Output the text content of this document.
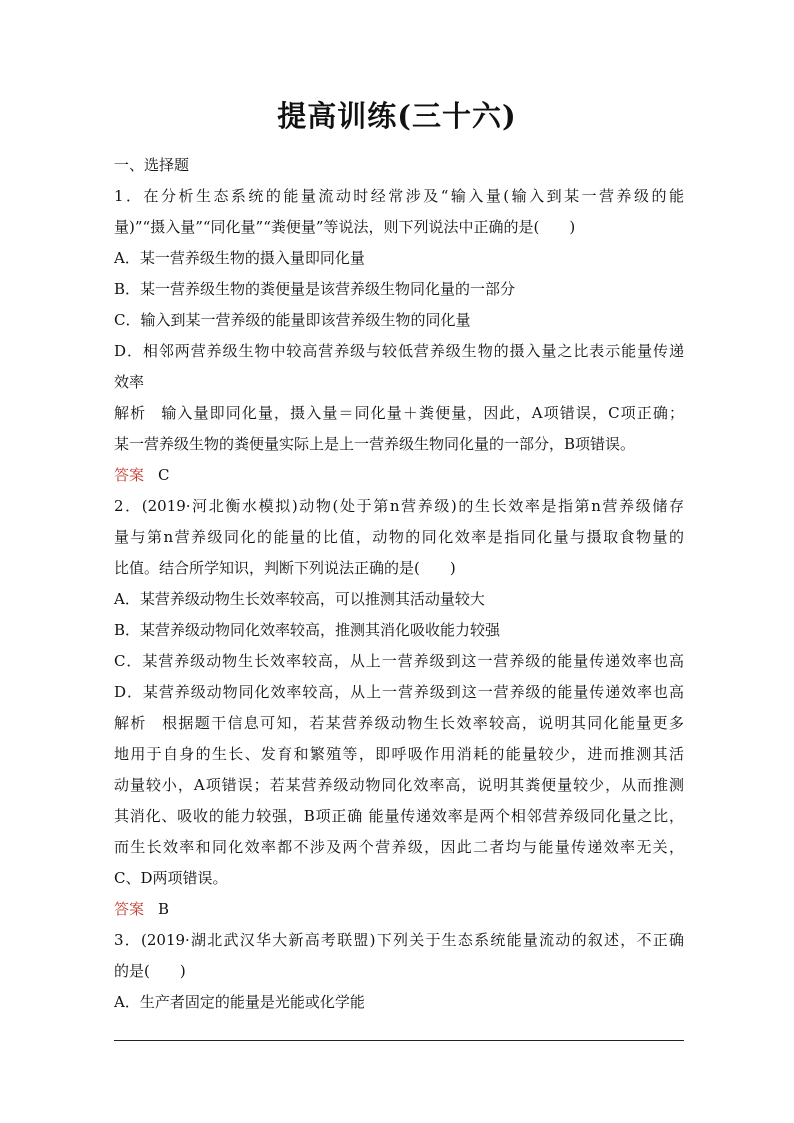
提高训练(三十六)
一、选择题
1．在分析生态系统的能量流动时经常涉及“输入量(输入到某一营养级的能
量)”“摄入量”“同化量”“粪便量”等说法，则下列说法中正确的是(　　)
A．某一营养级生物的摄入量即同化量
B．某一营养级生物的粪便量是该营养级生物同化量的一部分
C．输入到某一营养级的能量即该营养级生物的同化量
D．相邻两营养级生物中较高营养级与较低营养级生物的摄入量之比表示能量传递
效率
解析 输入量即同化量，摄入量＝同化量＋粪便量，因此，A项错误，C项正确；
某一营养级生物的粪便量实际上是上一营养级生物同化量的一部分，B项错误。
答案 C
2．(2019·河北衡水模拟)动物(处于第n营养级)的生长效率是指第n营养级储存
量与第n营养级同化的能量的比值，动物的同化效率是指同化量与摄取食物量的
比值。结合所学知识，判断下列说法正确的是(　　)
A．某营养级动物生长效率较高，可以推测其活动量较大
B．某营养级动物同化效率较高，推测其消化吸收能力较强
C．某营养级动物生长效率较高，从上一营养级到这一营养级的能量传递效率也高
D．某营养级动物同化效率较高，从上一营养级到这一营养级的能量传递效率也高
解析 根据题干信息可知，若某营养级动物生长效率较高，说明其同化能量更多
地用于自身的生长、发育和繁殖等，即呼吸作用消耗的能量较少，进而推测其活
动量较小，A项错误；若某营养级动物同化效率高，说明其粪便量较少，从而推测
其消化、吸收的能力较强，B项正确 能量传递效率是两个相邻营养级同化量之比，
而生长效率和同化效率都不涉及两个营养级，因此二者均与能量传递效率无关，
C、D两项错误。
答案 B
3．(2019·湖北武汉华大新高考联盟)下列关于生态系统能量流动的叙述，不正确
的是(　　)
A．生产者固定的能量是光能或化学能
